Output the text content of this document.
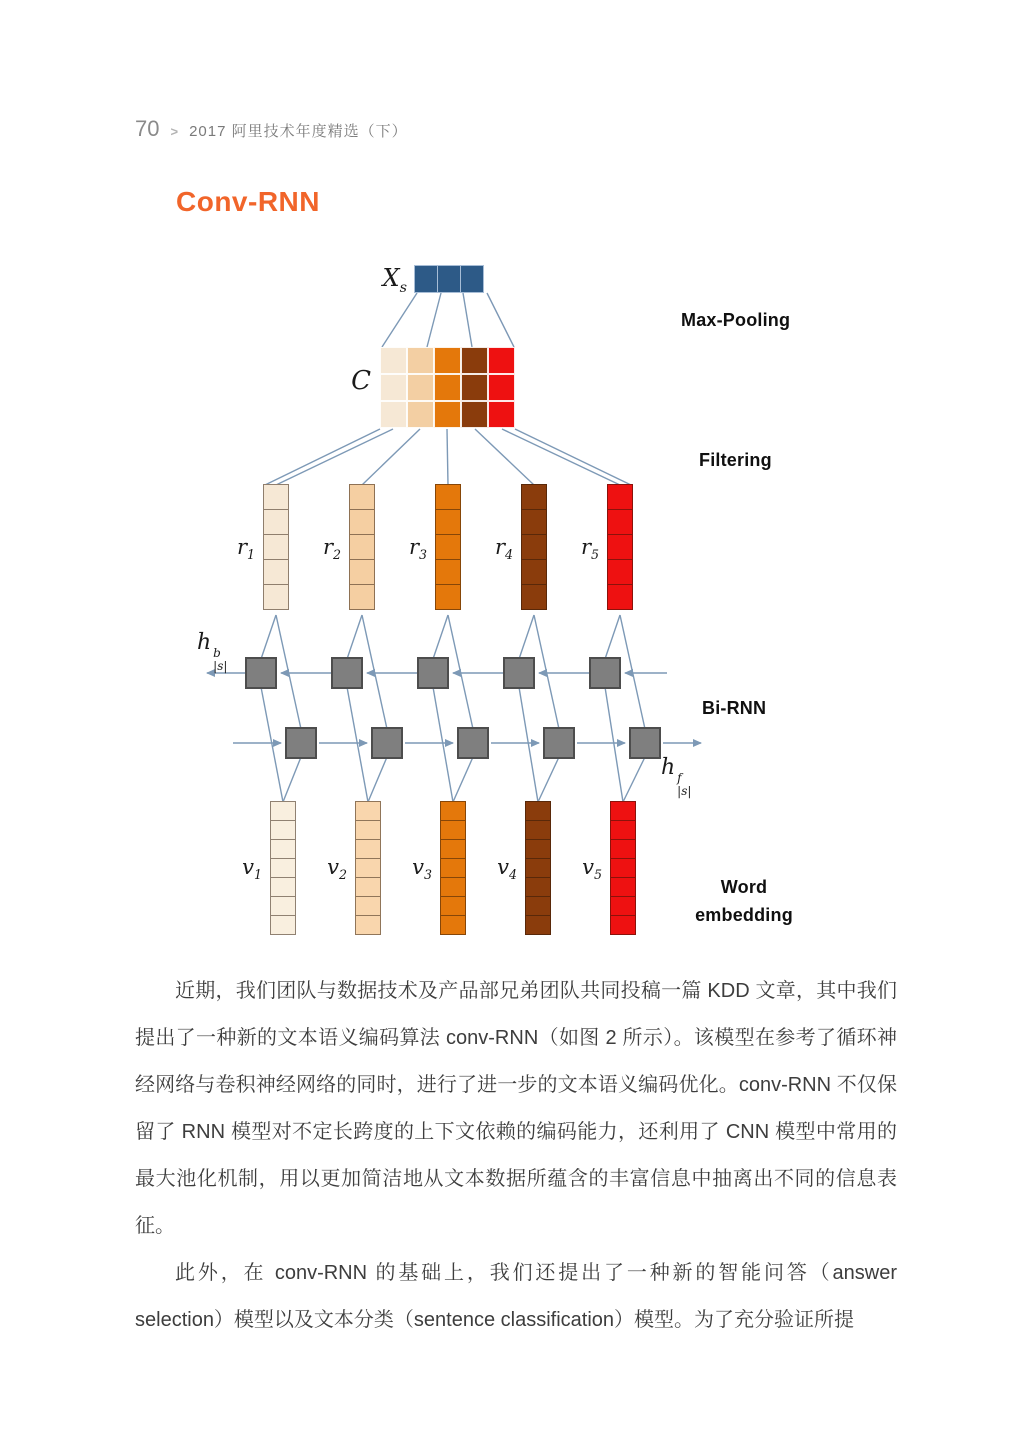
70 > 2017 阿里技术年度精选（下）
Conv-RNN
$X_s$
C
Max-Pooling
Filtering
Bi-RNN
Word
embedding
h b
|s|
h f
|s|
$r_1$	$r_2$	$r_3$	$r_4$	$r_5$
$v_1$	$v_2$	$v_3$	$v_4$	$v_5$

近期，我们团队与数据技术及产品部兄弟团队共同投稿一篇 KDD 文章，其中我们提出了一种新的文本语义编码算法 conv-RNN（如图 2 所示）。该模型在参考了循环神经网络与卷积神经网络的同时，进行了进一步的文本语义编码优化。conv-RNN 不仅保留了 RNN 模型对不定长跨度的上下文依赖的编码能力，还利用了 CNN 模型中常用的最大池化机制，用以更加简洁地从文本数据所蕴含的丰富信息中抽离出不同的信息表征。

此外，在 conv-RNN 的基础上，我们还提出了一种新的智能问答（answer selection）模型以及文本分类（sentence classification）模型。为了充分验证所提
